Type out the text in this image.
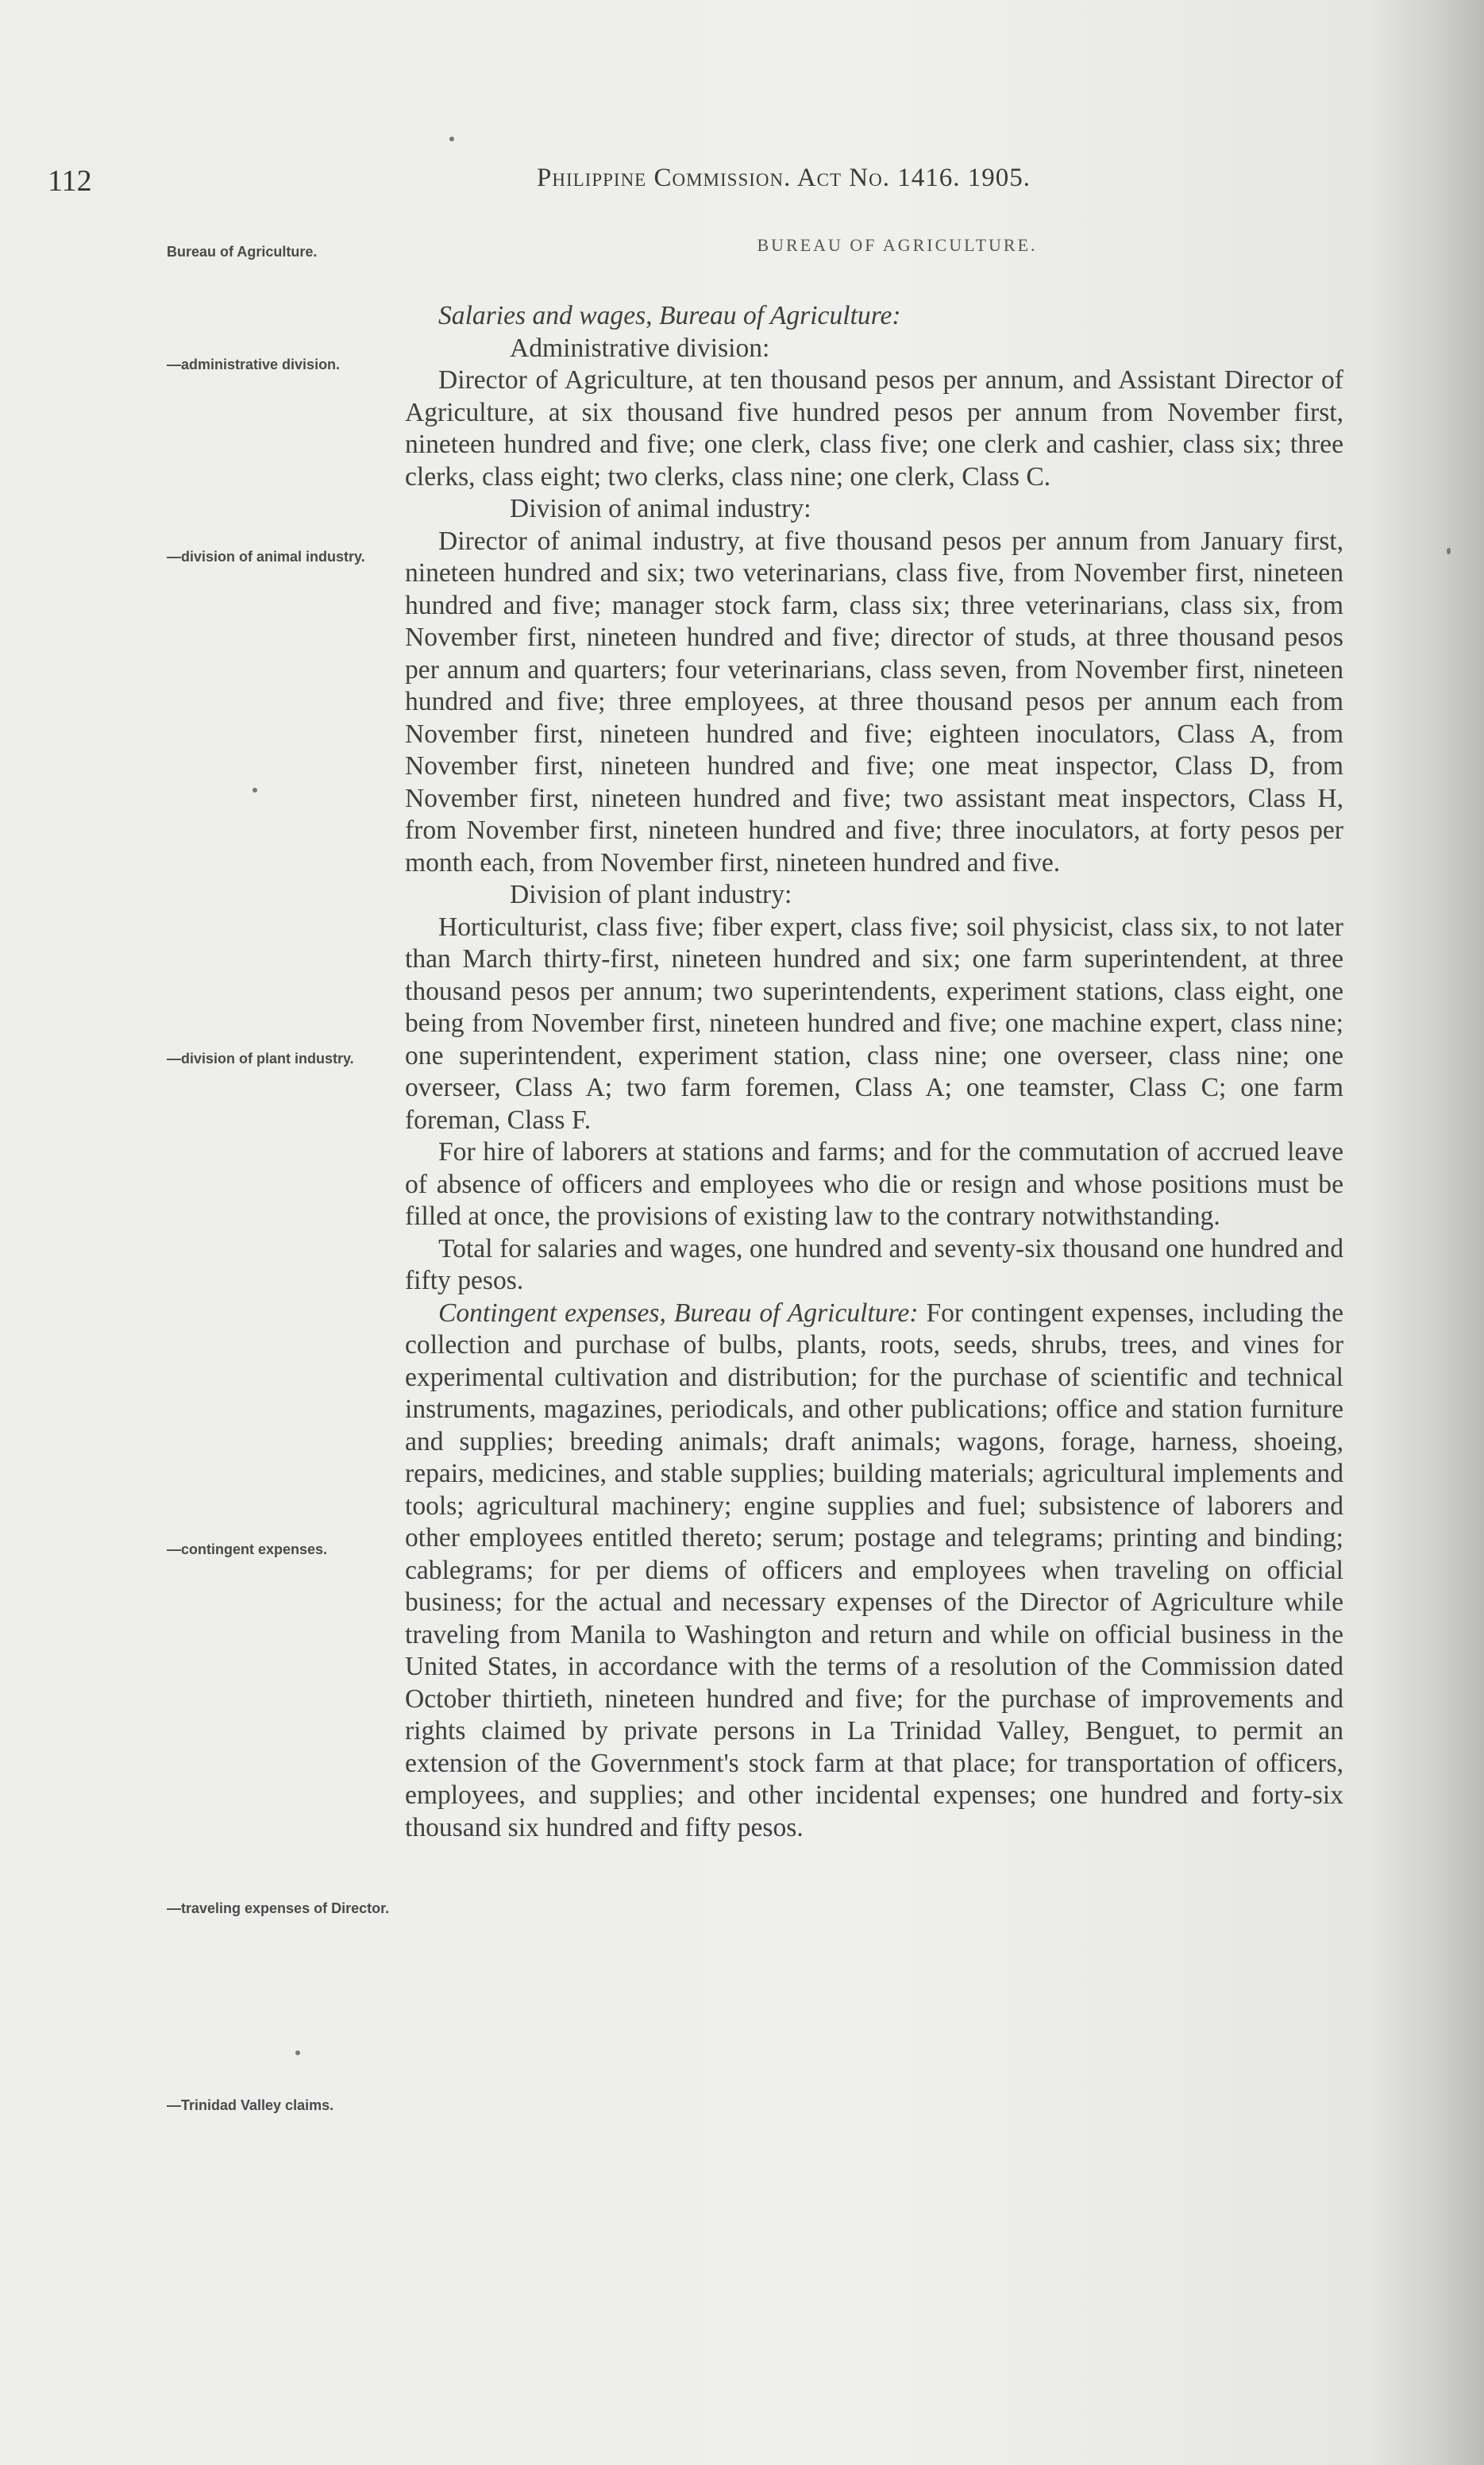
112	Philippine Commission. Act No. 1416. 1905.
Bureau of Agriculture.	BUREAU OF AGRICULTURE.
—administrative division.
—division of animal industry.
—division of plant industry.
—contingent expenses.
—traveling expenses of Director.
—Trinidad Valley claims.

Salaries and wages, Bureau of Agriculture:

Administrative division:

Director of Agriculture, at ten thousand pesos per annum, and Assistant Director of Agriculture, at six thousand five hundred pesos per annum from November first, nineteen hundred and five; one clerk, class five; one clerk and cashier, class six; three clerks, class eight; two clerks, class nine; one clerk, Class C.

Division of animal industry:

Director of animal industry, at five thousand pesos per annum from January first, nineteen hundred and six; two veterinarians, class five, from November first, nineteen hundred and five; manager stock farm, class six; three veterinarians, class six, from November first, nineteen hundred and five; director of studs, at three thousand pesos per annum and quarters; four veterinarians, class seven, from November first, nineteen hundred and five; three employees, at three thousand pesos per annum each from November first, nineteen hundred and five; eighteen inoculators, Class A, from November first, nineteen hundred and five; one meat inspector, Class D, from November first, nineteen hundred and five; two assistant meat inspectors, Class H, from November first, nineteen hundred and five; three inoculators, at forty pesos per month each, from November first, nineteen hundred and five.

Division of plant industry:

Horticulturist, class five; fiber expert, class five; soil physicist, class six, to not later than March thirty-first, nineteen hundred and six; one farm superintendent, at three thousand pesos per annum; two superintendents, experiment stations, class eight, one being from November first, nineteen hundred and five; one machine expert, class nine; one superintendent, experiment station, class nine; one overseer, class nine; one overseer, Class A; two farm foremen, Class A; one teamster, Class C; one farm foreman, Class F.

For hire of laborers at stations and farms; and for the commutation of accrued leave of absence of officers and employees who die or resign and whose positions must be filled at once, the provisions of existing law to the contrary notwithstanding.

Total for salaries and wages, one hundred and seventy-six thousand one hundred and fifty pesos.

Contingent expenses, Bureau of Agriculture: For contingent expenses, including the collection and purchase of bulbs, plants, roots, seeds, shrubs, trees, and vines for experimental cultivation and distribution; for the purchase of scientific and technical instruments, magazines, periodicals, and other publications; office and station furniture and supplies; breeding animals; draft animals; wagons, forage, harness, shoeing, repairs, medicines, and stable supplies; building materials; agricultural implements and tools; agricultural machinery; engine supplies and fuel; subsistence of laborers and other employees entitled thereto; serum; postage and telegrams; printing and binding; cablegrams; for per diems of officers and employees when traveling on official business; for the actual and necessary expenses of the Director of Agriculture while traveling from Manila to Washington and return and while on official business in the United States, in accordance with the terms of a resolution of the Commission dated October thirtieth, nineteen hundred and five; for the purchase of improvements and rights claimed by private persons in La Trinidad Valley, Benguet, to permit an extension of the Government's stock farm at that place; for transportation of officers, employees, and supplies; and other incidental expenses; one hundred and forty-six thousand six hundred and fifty pesos.
